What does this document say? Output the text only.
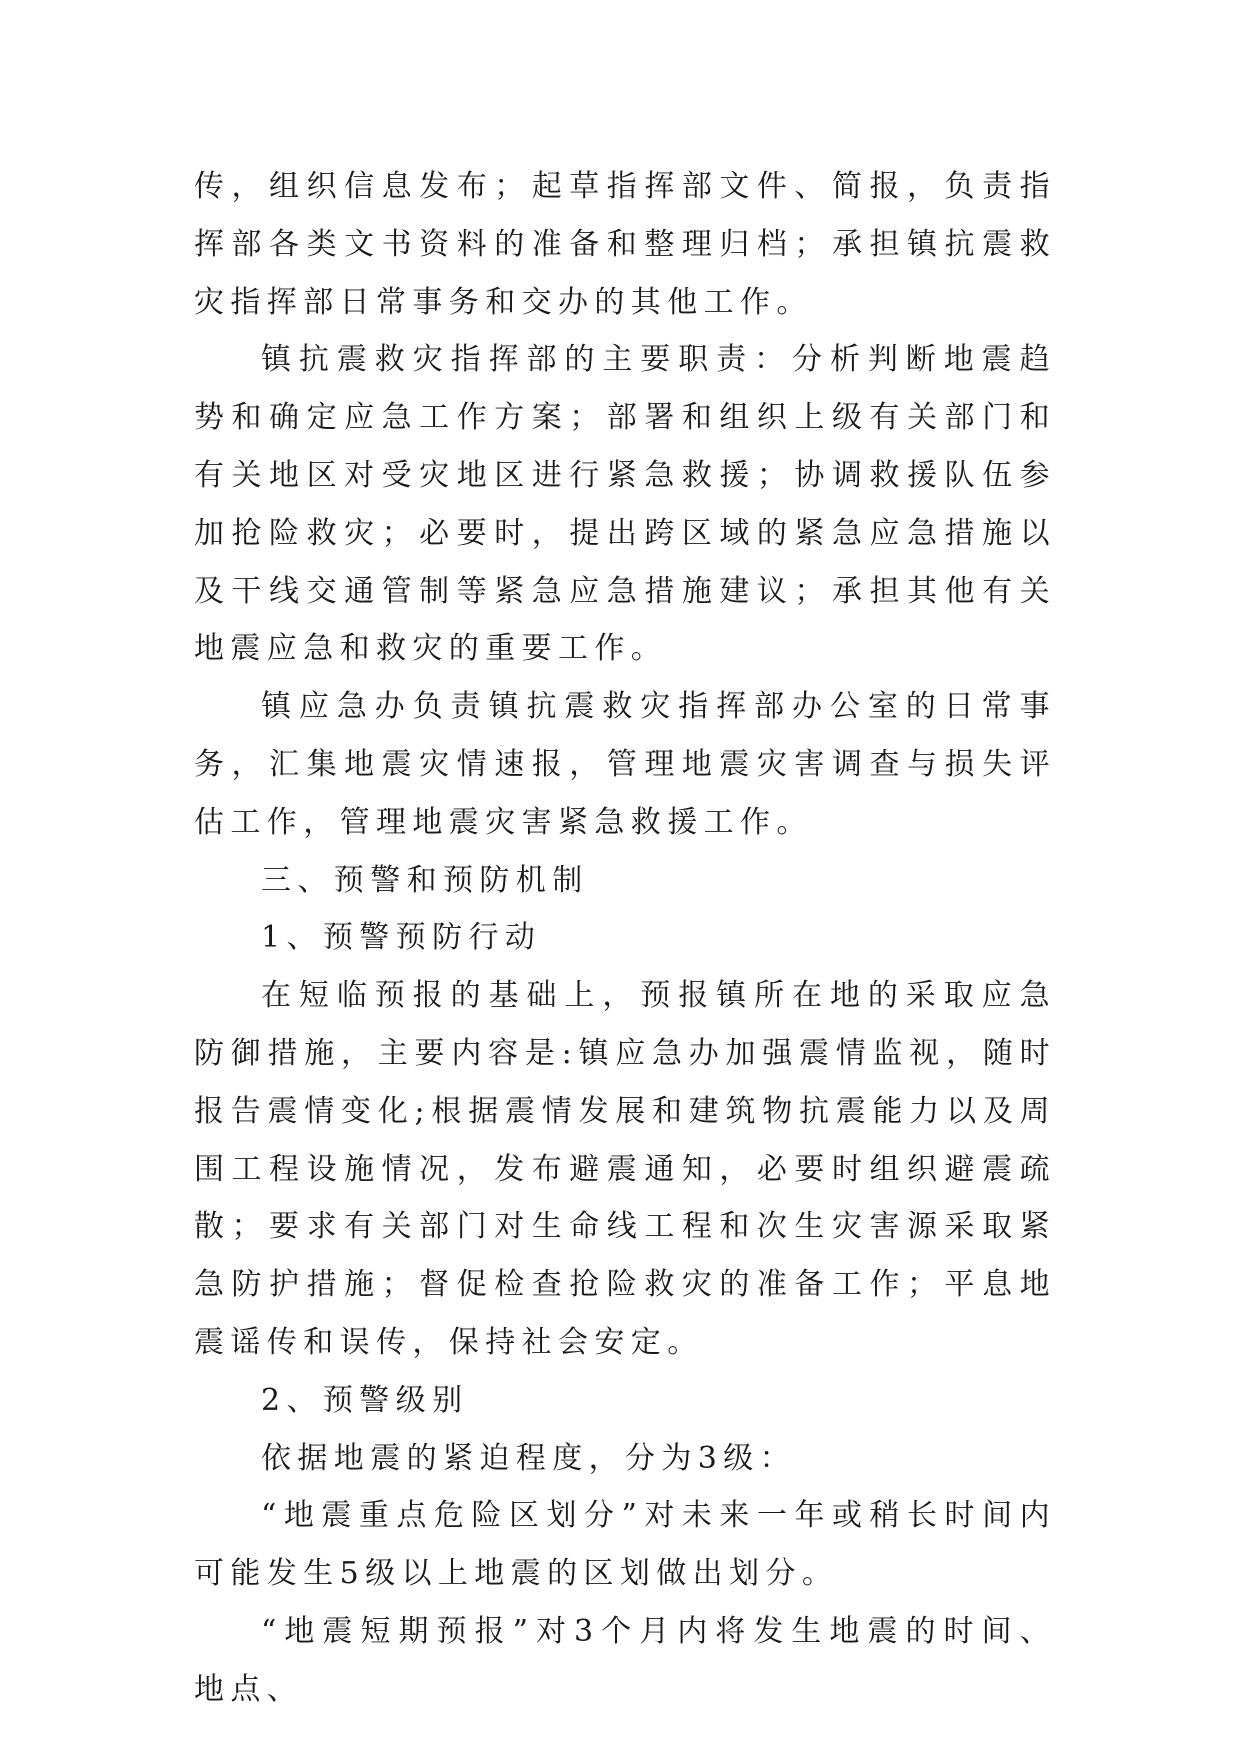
传，组织信息发布；起草指挥部文件、简报，负责指挥部各类文书资料的准备和整理归档；承担镇抗震救灾指挥部日常事务和交办的其他工作。

镇抗震救灾指挥部的主要职责：分析判断地震趋势和确定应急工作方案；部署和组织上级有关部门和有关地区对受灾地区进行紧急救援；协调救援队伍参加抢险救灾；必要时，提出跨区域的紧急应急措施以及干线交通管制等紧急应急措施建议；承担其他有关地震应急和救灾的重要工作。

镇应急办负责镇抗震救灾指挥部办公室的日常事务，汇集地震灾情速报，管理地震灾害调查与损失评估工作，管理地震灾害紧急救援工作。

三、预警和预防机制

1、预警预防行动

在短临预报的基础上，预报镇所在地的采取应急防御措施，主要内容是:镇应急办加强震情监视，随时报告震情变化;根据震情发展和建筑物抗震能力以及周围工程设施情况，发布避震通知，必要时组织避震疏散；要求有关部门对生命线工程和次生灾害源采取紧急防护措施；督促检查抢险救灾的准备工作；平息地震谣传和误传，保持社会安定。

2、预警级别

依据地震的紧迫程度，分为3级：

“地震重点危险区划分”对未来一年或稍长时间内可能发生5级以上地震的区划做出划分。

“地震短期预报”对3个月内将发生地震的时间、地点、
